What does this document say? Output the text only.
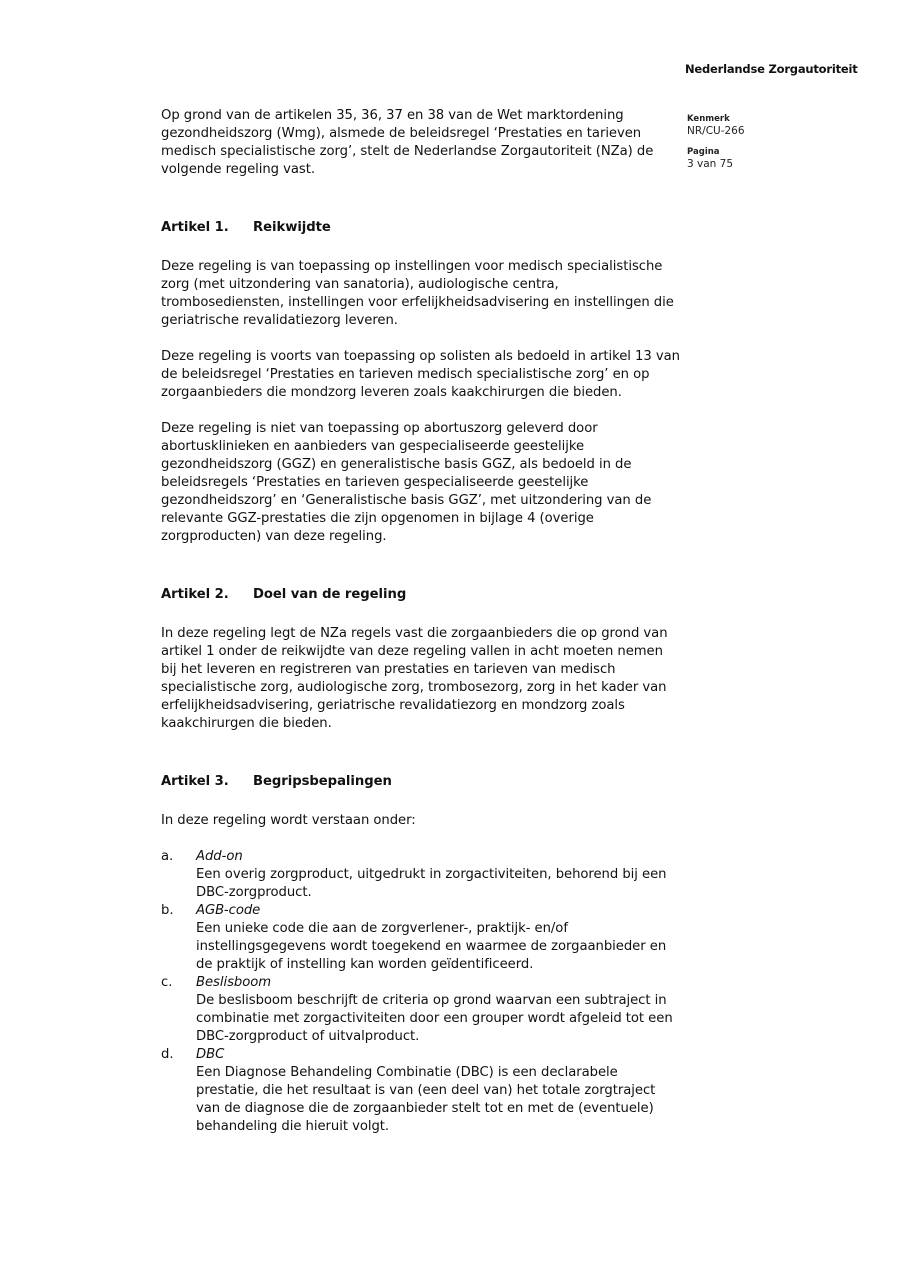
Nederlandse Zorgautoriteit
Kenmerk
NR/CU-266
Pagina
3 van 75

Op grond van de artikelen 35, 36, 37 en 38 van de Wet marktordening gezondheidszorg (Wmg), alsmede de beleidsregel ‘Prestaties en tarieven medisch specialistische zorg’, stelt de Nederlandse Zorgautoriteit (NZa) de volgende regeling vast.

Artikel 1. Reikwijdte

Deze regeling is van toepassing op instellingen voor medisch specialistische zorg (met uitzondering van sanatoria), audiologische centra, trombosediensten, instellingen voor erfelijkheidsadvisering en instellingen die geriatrische revalidatiezorg leveren.

Deze regeling is voorts van toepassing op solisten als bedoeld in artikel 13 van de beleidsregel ‘Prestaties en tarieven medisch specialistische zorg’ en op zorgaanbieders die mondzorg leveren zoals kaakchirurgen die bieden.

Deze regeling is niet van toepassing op abortuszorg geleverd door abortusklinieken en aanbieders van gespecialiseerde geestelijke gezondheidszorg (GGZ) en generalistische basis GGZ, als bedoeld in de beleidsregels ‘Prestaties en tarieven gespecialiseerde geestelijke gezondheidszorg’ en ‘Generalistische basis GGZ’, met uitzondering van de relevante GGZ-prestaties die zijn opgenomen in bijlage 4 (overige zorgproducten) van deze regeling.

Artikel 2. Doel van de regeling

In deze regeling legt de NZa regels vast die zorgaanbieders die op grond van artikel 1 onder de reikwijdte van deze regeling vallen in acht moeten nemen bij het leveren en registreren van prestaties en tarieven van medisch specialistische zorg, audiologische zorg, trombosezorg, zorg in het kader van erfelijkheidsadvisering, geriatrische revalidatiezorg en mondzorg zoals kaakchirurgen die bieden.

Artikel 3. Begripsbepalingen

In deze regeling wordt verstaan onder:

a. Add-on
Een overig zorgproduct, uitgedrukt in zorgactiviteiten, behorend bij een DBC-zorgproduct.
b. AGB-code
Een unieke code die aan de zorgverlener-, praktijk- en/of instellingsgegevens wordt toegekend en waarmee de zorgaanbieder en de praktijk of instelling kan worden geïdentificeerd.
c. Beslisboom
De beslisboom beschrijft de criteria op grond waarvan een subtraject in combinatie met zorgactiviteiten door een grouper wordt afgeleid tot een DBC-zorgproduct of uitvalproduct.
d. DBC
Een Diagnose Behandeling Combinatie (DBC) is een declarabele prestatie, die het resultaat is van (een deel van) het totale zorgtraject van de diagnose die de zorgaanbieder stelt tot en met de (eventuele) behandeling die hieruit volgt.
